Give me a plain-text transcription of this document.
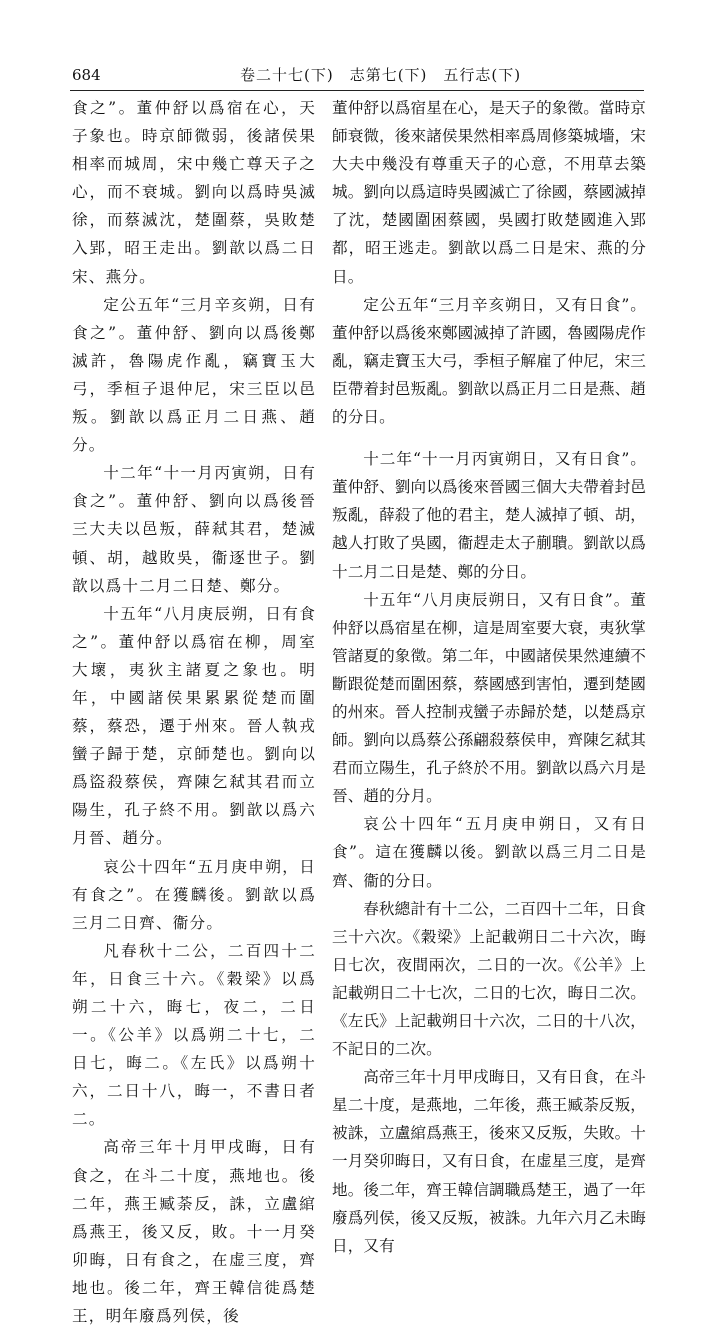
684	卷二十七(下)　志第七(下)　五行志(下)

食之”。董仲舒以爲宿在心，天子象也。時京師微弱，後諸侯果相率而城周，宋中幾亡尊天子之心，而不衰城。劉向以爲時吳滅徐，而蔡滅沈，楚圍蔡，吳敗楚入郢，昭王走出。劉歆以爲二日宋、燕分。

定公五年“三月辛亥朔，日有食之”。董仲舒、劉向以爲後鄭滅許，魯陽虎作亂，竊寶玉大弓，季桓子退仲尼，宋三臣以邑叛。劉歆以爲正月二日燕、趙分。

十二年“十一月丙寅朔，日有食之”。董仲舒、劉向以爲後晉三大夫以邑叛，薛弒其君，楚滅頓、胡，越敗吳，衞逐世子。劉歆以爲十二月二日楚、鄭分。

十五年“八月庚辰朔，日有食之”。董仲舒以爲宿在柳，周室大壞，夷狄主諸夏之象也。明年，中國諸侯果累累從楚而圍蔡，蔡恐，遷于州來。晉人執戎蠻子歸于楚，京師楚也。劉向以爲盜殺蔡侯，齊陳乞弒其君而立陽生，孔子終不用。劉歆以爲六月晉、趙分。

哀公十四年“五月庚申朔，日有食之”。在獲麟後。劉歆以爲三月二日齊、衞分。

凡春秋十二公，二百四十二年，日食三十六。《穀梁》以爲朔二十六，晦七，夜二，二日一。《公羊》以爲朔二十七，二日七，晦二。《左氏》以爲朔十六，二日十八，晦一，不書日者二。

高帝三年十月甲戌晦，日有食之，在斗二十度，燕地也。後二年，燕王臧荼反，誅，立盧綰爲燕王，後又反，敗。十一月癸卯晦，日有食之，在虚三度，齊地也。後二年，齊王韓信徙爲楚王，明年廢爲列侯，後

董仲舒以爲宿星在心，是天子的象徵。當時京師衰微，後來諸侯果然相率爲周修築城墻，宋大夫中幾没有尊重天子的心意，不用草去築城。劉向以爲這時吳國滅亡了徐國，蔡國滅掉了沈，楚國圍困蔡國，吳國打敗楚國進入郢都，昭王逃走。劉歆以爲二日是宋、燕的分日。

定公五年“三月辛亥朔日，又有日食”。董仲舒以爲後來鄭國滅掉了許國，魯國陽虎作亂，竊走寶玉大弓，季桓子解雇了仲尼，宋三臣帶着封邑叛亂。劉歆以爲正月二日是燕、趙的分日。

十二年“十一月丙寅朔日，又有日食”。董仲舒、劉向以爲後來晉國三個大夫帶着封邑叛亂，薛殺了他的君主，楚人滅掉了頓、胡，越人打敗了吳國，衞趕走太子蒯聵。劉歆以爲十二月二日是楚、鄭的分日。

十五年“八月庚辰朔日，又有日食”。董仲舒以爲宿星在柳，這是周室要大衰，夷狄掌管諸夏的象徵。第二年，中國諸侯果然連續不斷跟從楚而圍困蔡，蔡國感到害怕，遷到楚國的州來。晉人控制戎蠻子赤歸於楚，以楚爲京師。劉向以爲蔡公孫翩殺蔡侯申，齊陳乞弒其君而立陽生，孔子終於不用。劉歆以爲六月是晉、趙的分月。

哀公十四年“五月庚申朔日，又有日食”。這在獲麟以後。劉歆以爲三月二日是齊、衞的分日。

春秋總計有十二公，二百四十二年，日食三十六次。《穀梁》上記載朔日二十六次，晦日七次，夜間兩次，二日的一次。《公羊》上記載朔日二十七次，二日的七次，晦日二次。《左氏》上記載朔日十六次，二日的十八次，不記日的二次。

高帝三年十月甲戌晦日，又有日食，在斗星二十度，是燕地，二年後，燕王臧荼反叛，被誅，立盧綰爲燕王，後來又反叛，失敗。十一月癸卯晦日，又有日食，在虚星三度，是齊地。後二年，齊王韓信調職爲楚王，過了一年廢爲列侯，後又反叛，被誅。九年六月乙未晦日，又有
